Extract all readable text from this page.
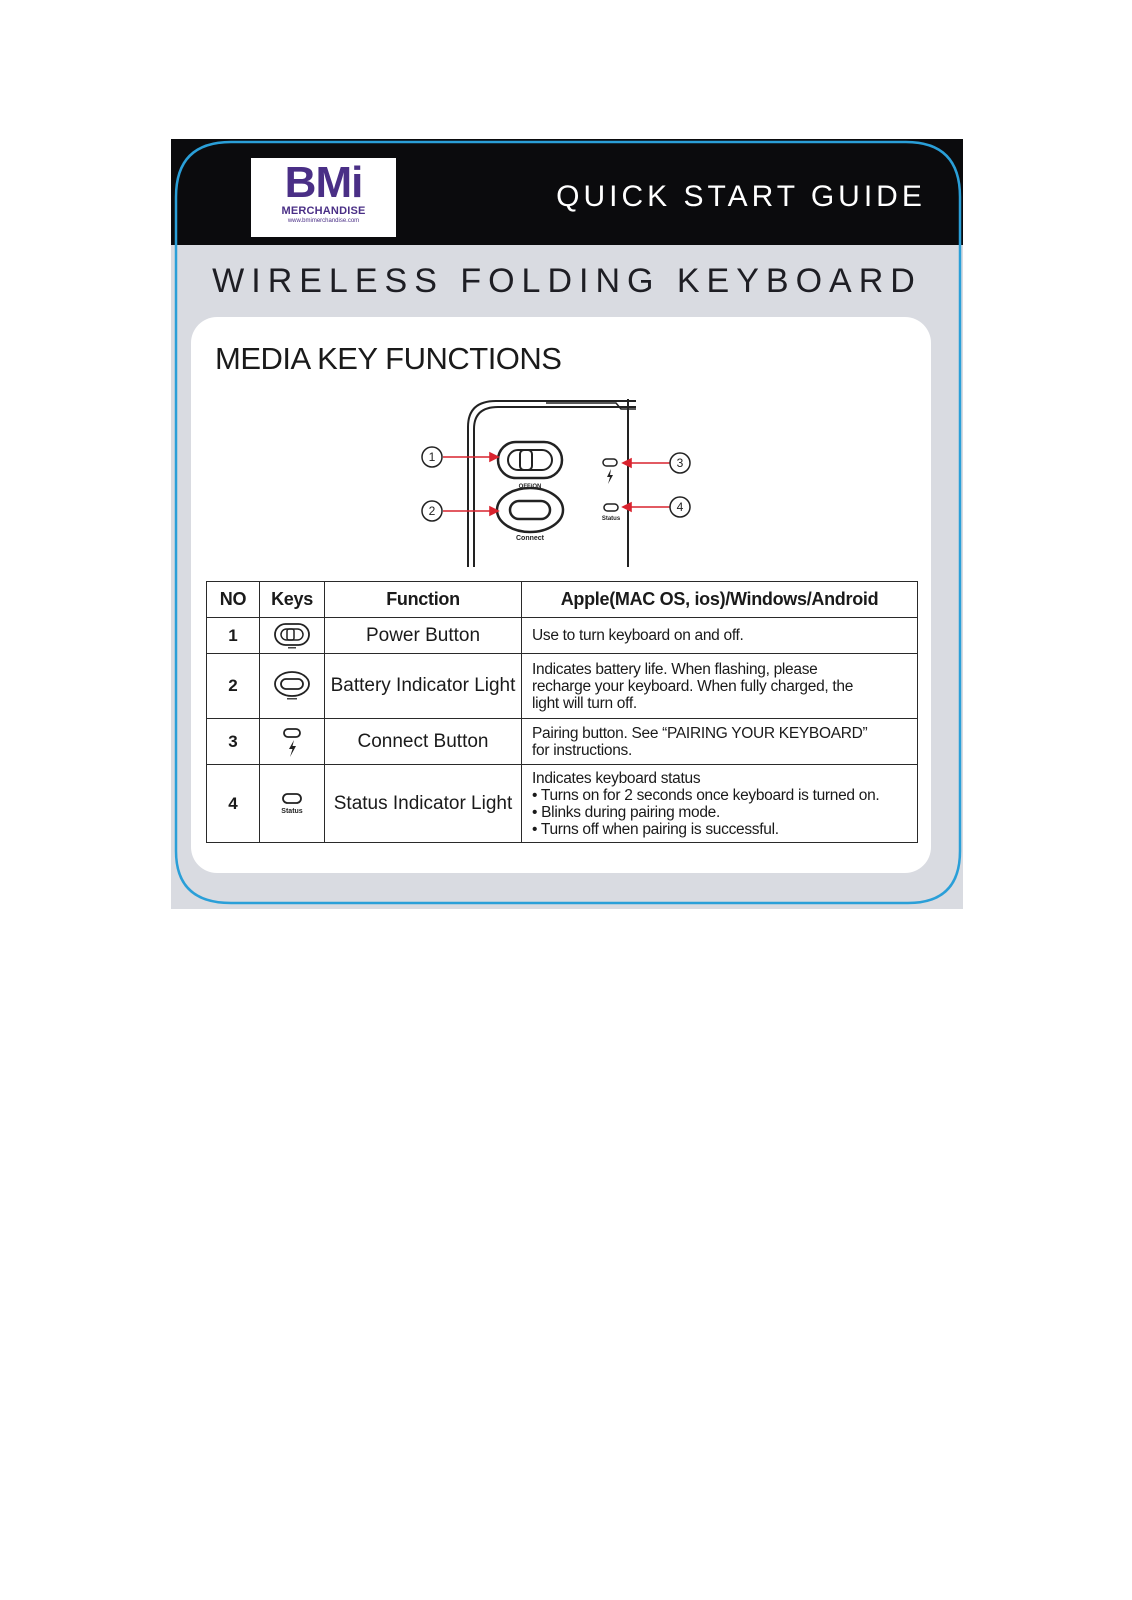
BMi
MERCHANDISE
www.bmimerchandise.com
QUICK START GUIDE
WIRELESS FOLDING KEYBOARD
MEDIA KEY FUNCTIONS
OFF/ON
Connect
Status
1
2
3
4
NO	Keys	Function	Apple(MAC OS, ios)/Windows/Android
1		Power Button	Use to turn keyboard on and off.

2		Battery Indicator Light	Indicates battery life. When flashing, please
recharge your keyboard. When fully charged, the
light will turn off.

3		Connect Button	Pairing button. See “PAIRING YOUR KEYBOARD”
for instructions.

4	Status	Status Indicator Light	Indicates keyboard status
• Turns on for 2 seconds once keyboard is turned on.
• Blinks during pairing mode.
• Turns off when pairing is successful.
